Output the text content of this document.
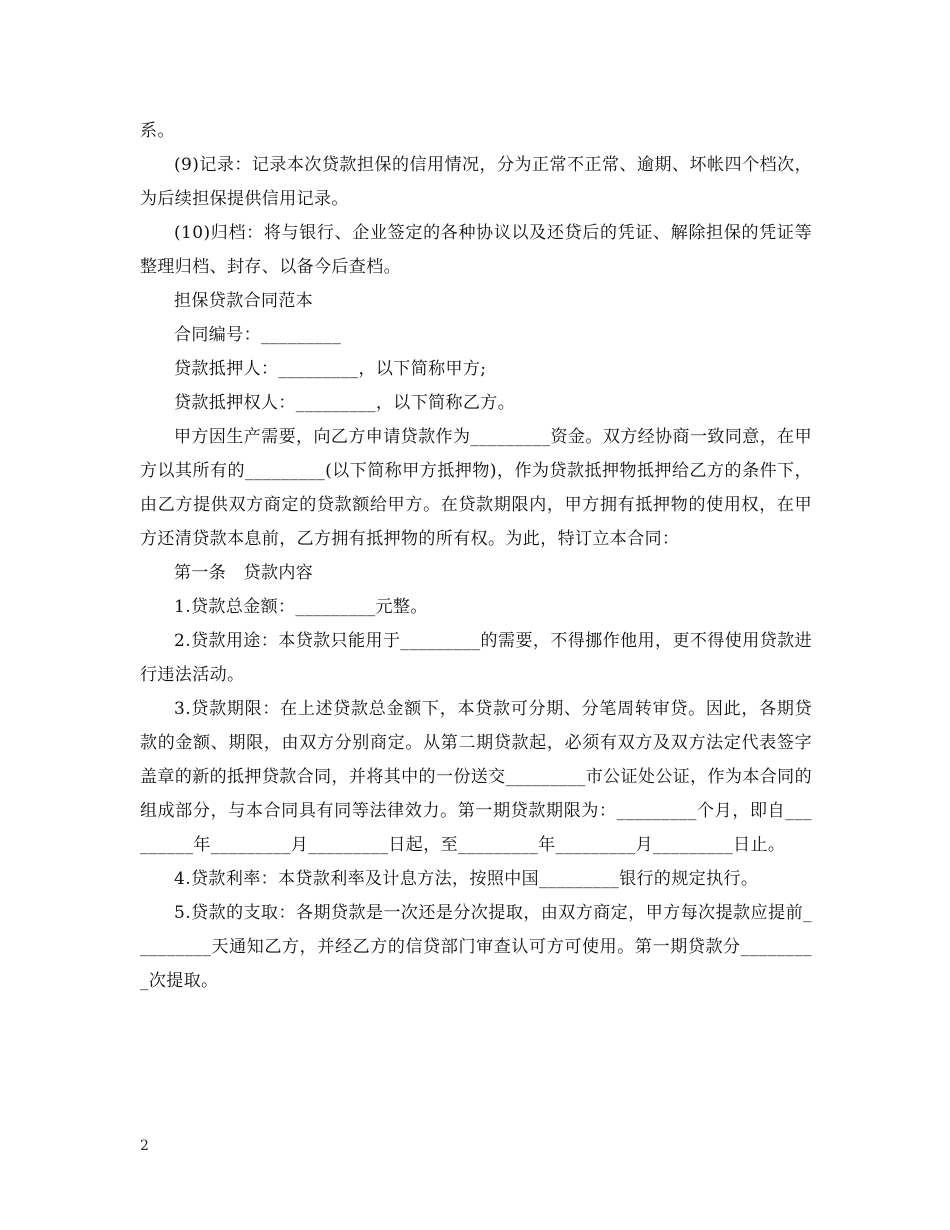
系。

(9)记录：记录本次贷款担保的信用情况，分为正常不正常、逾期、坏帐四个档次，为后续担保提供信用记录。

(10)归档：将与银行、企业签定的各种协议以及还贷后的凭证、解除担保的凭证等整理归档、封存、以备今后查档。

担保贷款合同范本

合同编号：_________

贷款抵押人：_________，以下简称甲方;

贷款抵押权人：_________，以下简称乙方。

甲方因生产需要，向乙方申请贷款作为_________资金。双方经协商一致同意，在甲方以其所有的_________(以下简称甲方抵押物)，作为贷款抵押物抵押给乙方的条件下，由乙方提供双方商定的贷款额给甲方。在贷款期限内，甲方拥有抵押物的使用权，在甲方还清贷款本息前，乙方拥有抵押物的所有权。为此，特订立本合同：

第一条　贷款内容

1.贷款总金额：_________元整。

2.贷款用途：本贷款只能用于_________的需要，不得挪作他用，更不得使用贷款进行违法活动。

3.贷款期限：在上述贷款总金额下，本贷款可分期、分笔周转审贷。因此，各期贷款的金额、期限，由双方分别商定。从第二期贷款起，必须有双方及双方法定代表签字盖章的新的抵押贷款合同，并将其中的一份送交_________市公证处公证，作为本合同的组成部分，与本合同具有同等法律效力。第一期贷款期限为：_________个月，即自_________年_________月_________日起，至_________年_________月_________日止。

4.贷款利率：本贷款利率及计息方法，按照中国_________银行的规定执行。

5.贷款的支取：各期贷款是一次还是分次提取，由双方商定，甲方每次提款应提前_________天通知乙方，并经乙方的信贷部门审查认可方可使用。第一期贷款分_________次提取。

2
